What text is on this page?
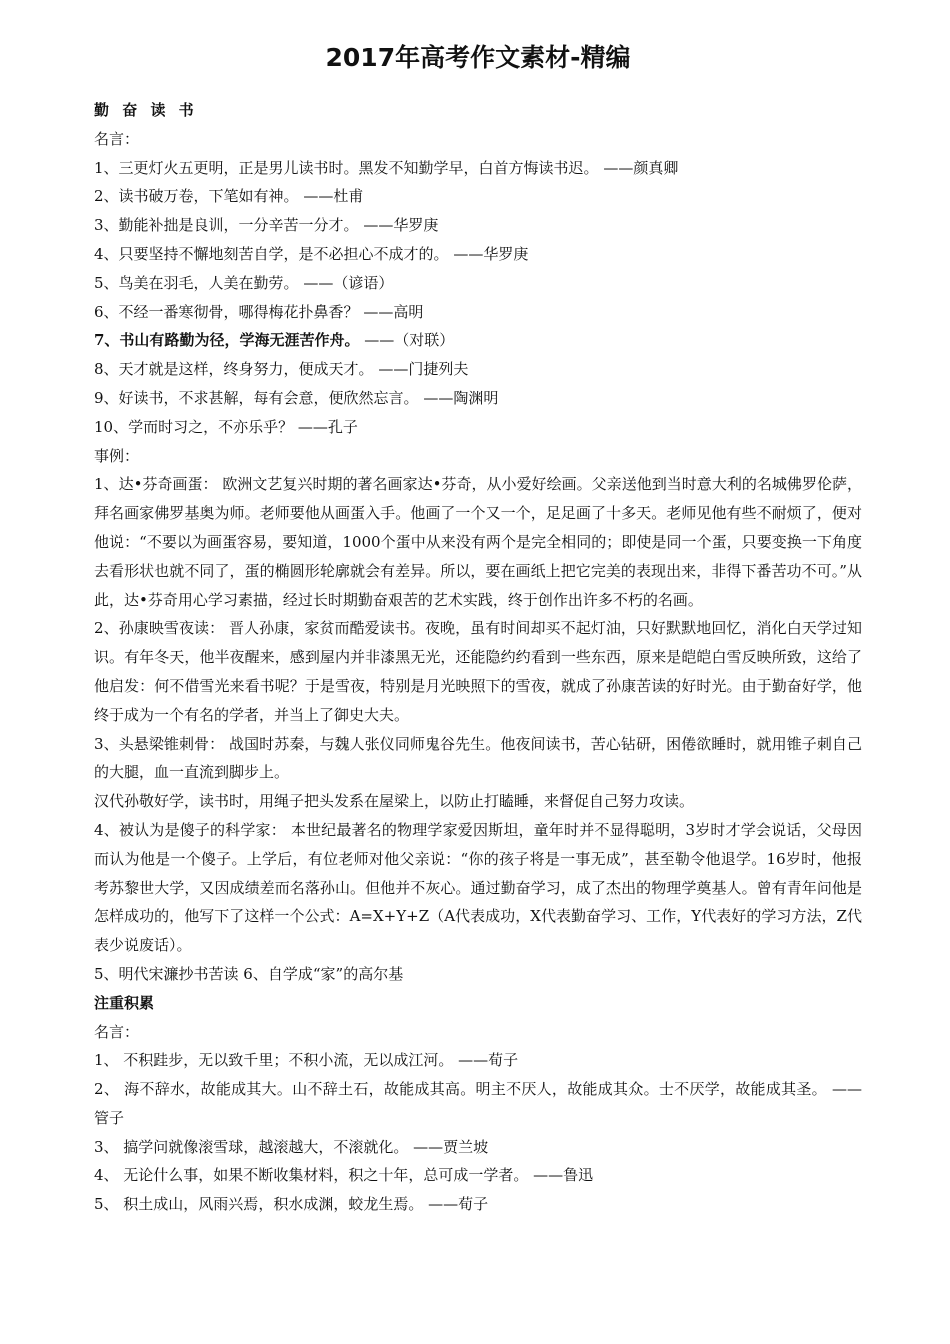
2017年高考作文素材-精编

勤 奋 读 书

名言：

1、三更灯火五更明，正是男儿读书时。黑发不知勤学早，白首方悔读书迟。 ——颜真卿

2、读书破万卷，下笔如有神。 ——杜甫

3、勤能补拙是良训，一分辛苦一分才。 ——华罗庚

4、只要坚持不懈地刻苦自学，是不必担心不成才的。 ——华罗庚

5、鸟美在羽毛，人美在勤劳。 ——（谚语）

6、不经一番寒彻骨，哪得梅花扑鼻香？ ——高明

7、书山有路勤为径，学海无涯苦作舟。 ——（对联）

8、天才就是这样，终身努力，便成天才。 ——门捷列夫

9、好读书，不求甚解，每有会意，便欣然忘言。 ——陶渊明

10、学而时习之，不亦乐乎？ ——孔子

事例：

1、达•芬奇画蛋： 欧洲文艺复兴时期的著名画家达•芬奇，从小爱好绘画。父亲送他到当时意大利的名城佛罗伦萨，拜名画家佛罗基奥为师。老师要他从画蛋入手。他画了一个又一个，足足画了十多天。老师见他有些不耐烦了，便对他说：“不要以为画蛋容易，要知道，1000个蛋中从来没有两个是完全相同的；即使是同一个蛋，只要变换一下角度去看形状也就不同了，蛋的椭圆形轮廓就会有差异。所以，要在画纸上把它完美的表现出来，非得下番苦功不可。”从此，达•芬奇用心学习素描，经过长时期勤奋艰苦的艺术实践，终于创作出许多不朽的名画。

2、孙康映雪夜读： 晋人孙康，家贫而酷爱读书。夜晚，虽有时间却买不起灯油，只好默默地回忆，消化白天学过知识。有年冬天，他半夜醒来，感到屋内并非漆黑无光，还能隐约约看到一些东西，原来是皑皑白雪反映所致，这给了他启发：何不借雪光来看书呢？于是雪夜，特别是月光映照下的雪夜，就成了孙康苦读的好时光。由于勤奋好学，他终于成为一个有名的学者，并当上了御史大夫。

3、头悬梁锥刺骨： 战国时苏秦，与魏人张仪同师鬼谷先生。他夜间读书，苦心钻研，困倦欲睡时，就用锥子刺自己的大腿，血一直流到脚步上。

汉代孙敬好学，读书时，用绳子把头发系在屋梁上，以防止打瞌睡，来督促自己努力攻读。

4、被认为是傻子的科学家： 本世纪最著名的物理学家爱因斯坦，童年时并不显得聪明，3岁时才学会说话，父母因而认为他是一个傻子。上学后，有位老师对他父亲说：“你的孩子将是一事无成”，甚至勒令他退学。16岁时，他报考苏黎世大学，又因成绩差而名落孙山。但他并不灰心。通过勤奋学习，成了杰出的物理学奠基人。曾有青年问他是怎样成功的，他写下了这样一个公式：A=X+Y+Z（A代表成功，X代表勤奋学习、工作，Y代表好的学习方法，Z代表少说废话）。

5、明代宋濂抄书苦读 6、自学成“家”的高尔基

注重积累

名言：

1、 不积跬步，无以致千里；不积小流，无以成江河。 ——荀子

2、 海不辞水，故能成其大。山不辞土石，故能成其高。明主不厌人，故能成其众。士不厌学，故能成其圣。 ——管子

3、 搞学问就像滚雪球，越滚越大，不滚就化。 ——贾兰坡

4、 无论什么事，如果不断收集材料，积之十年，总可成一学者。 ——鲁迅

5、 积土成山，风雨兴焉，积水成渊，蛟龙生焉。 ——荀子
